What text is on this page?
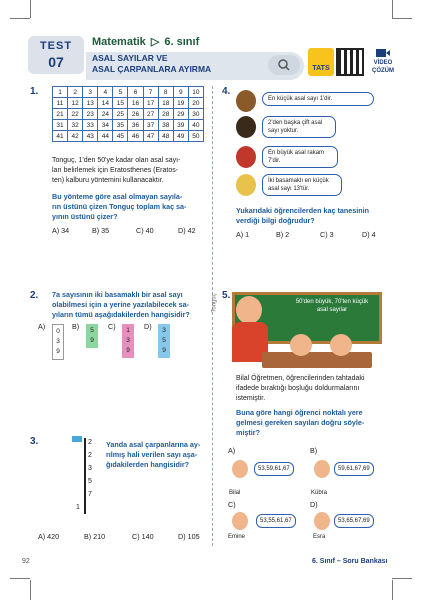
TEST
07
Matematik ▷ 6. sınıf
ASAL SAYILAR VE
ASAL ÇARPANLARA AYIRMA	TATS
VİDEO
ÇÖZÜM
1.	1	2	3	4	5	6	7	8	9	10
11	12	13	14	15	16	17	18	19	20
21	22	23	24	25	26	27	28	29	30
31	32	33	34	35	36	37	38	39	40
41	42	43	44	45	46	47	48	49	50
Tonguç, 1'den 50'ye kadar olan asal sayı-
ları belirlemek için Eratosthenes (Eratos-
ten) kalburu yöntemini kullanacaktır.
Bu yönteme göre asal olmayan sayıla-
rın üstünü çizen Tonguç toplam kaç sa-
yının üstünü çizer?
A) 34	B) 35	C) 40	D) 42
4.
En küçük asal sayı 1'dir.
2'den başka çift asal sayı yoktur.
En büyük asal rakam 7'dir.
İki basamaklı en küçük asal sayı 13'tür.
Yukarıdaki öğrencilerden kaç tanesinin
verdiği bilgi doğrudur?
A) 1	B) 2	C) 3	D) 4
Tonguç
2. 7a sayısının iki basamaklı bir asal sayı
olabilmesi için a yerine yazılabilecek sa-
yıların tümü aşağıdakilerden hangisidir?
A)
0
3
9
B)	5
9
C)	1
3
9
D)	3
5
9
3.	2
2
3
5
7
1
Yanda asal çarpanlarına ay-
rılmış hali verilen sayı aşa-
ğıdakilerden hangisidir?
A) 420	B) 210	C) 140	D) 105
5.
50'den büyük, 70'ten küçük asal sayılar
Bilal Öğretmen, öğrencilerinden tahtadaki
ifadede bıraktığı boşluğu doldurmalarını
istemiştir.
Buna göre hangi öğrenci noktalı yere
gelmesi gereken sayıları doğru söyle-
miştir?
A)
53,59,61,67
Bilal
B)
59,61,67,69
Kübra
C)
53,55,61,67
Emine
D)
53,65,67,69
Esra
92	6. Sınıf – Soru Bankası
